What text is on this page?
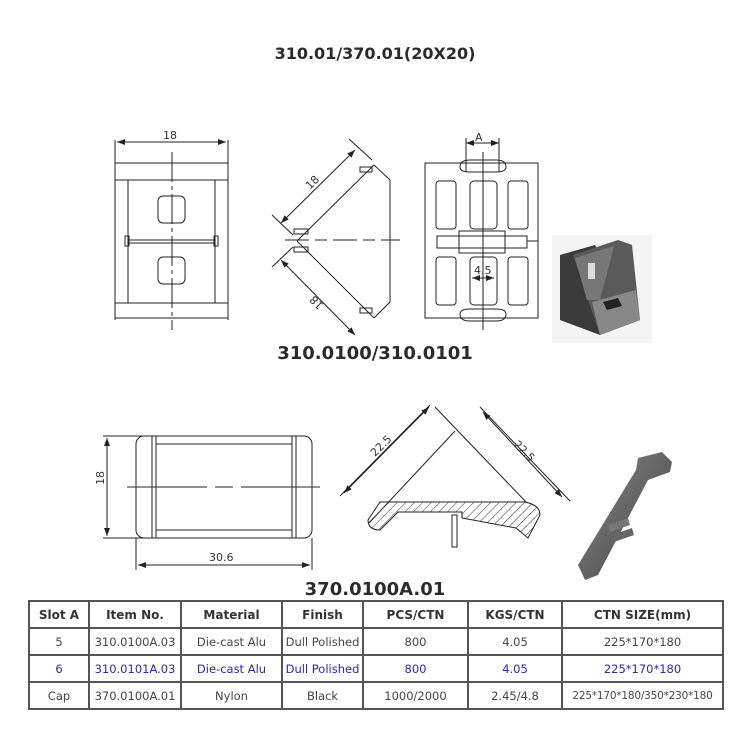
310.01/370.01(20X20)
18
18
18
A
4.5
18
30.6
22.5	22.5
310.0100/310.0101
370.0100A.01
Slot A	Item No.	Material	Finish	PCS/CTN	KGS/CTN	CTN SIZE(mm)
5	310.0100A.03	Die-cast Alu	Dull Polished	800	4.05	225*170*180
6	310.0101A.03	Die-cast Alu	Dull Polished	800	4.05	225*170*180
Cap	370.0100A.01	Nylon	Black	1000/2000	2.45/4.8	225*170*180/350*230*180
